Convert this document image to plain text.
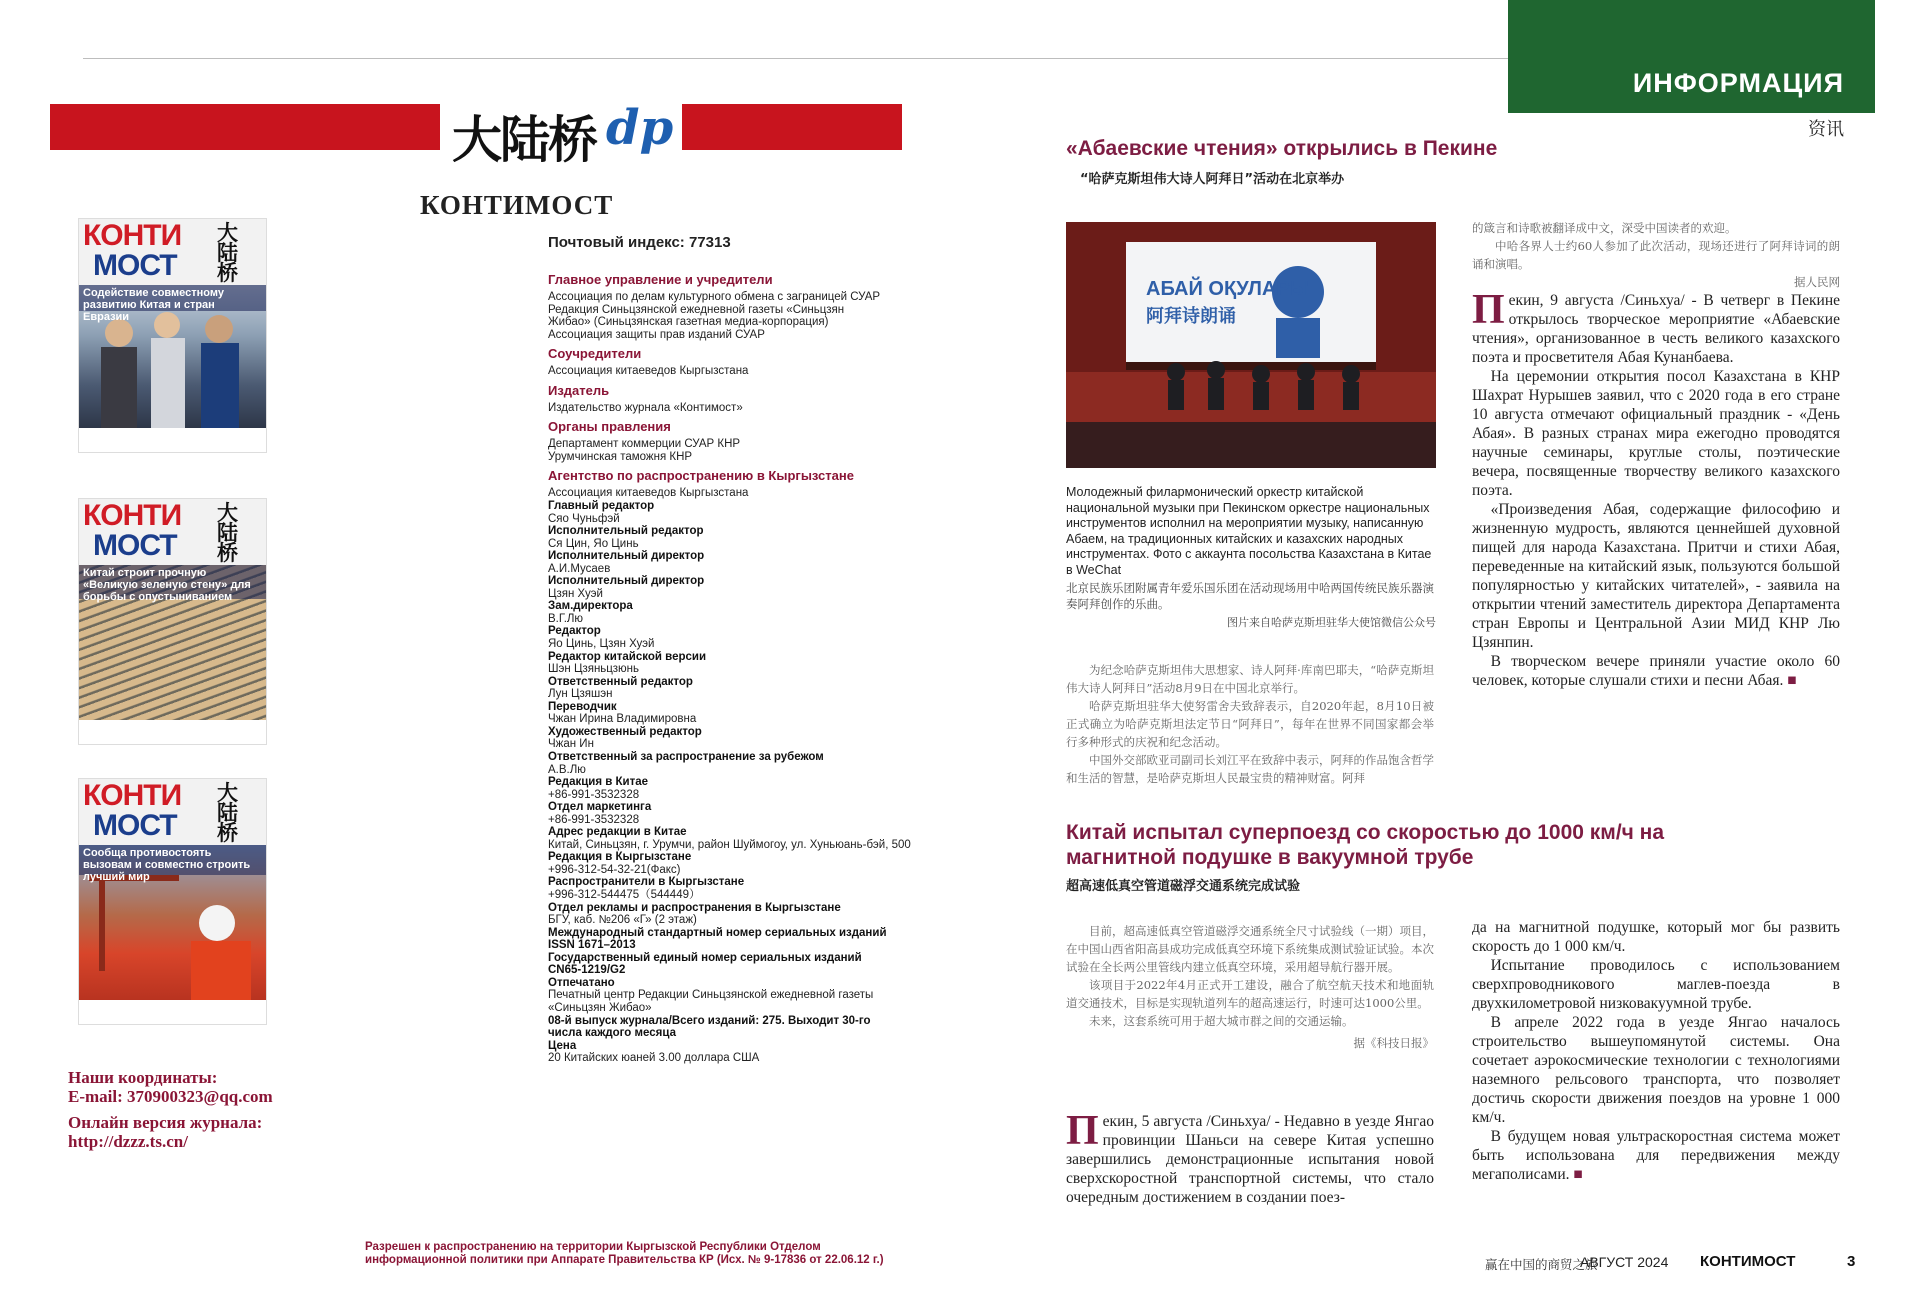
ИНФОРМАЦИЯ
资讯
大陆桥 dp
КОНТИМОСТ
КОНТИ
МОСТ
大陆桥
Содействие совместному развитию Китая и стран Евразии
КОНТИ
МОСТ
大陆桥
Китай строит прочную «Великую зеленую стену» для борьбы с опустыниванием
КОНТИ
МОСТ
大陆桥
Сообща противостоять вызовам и совместно строить лучший мир
Наши координаты:
E-mail: 370900323@qq.com
Онлайн версия журнала:
http://dzzz.ts.cn/
Почтовый индекс: 77313
Главное управление и учредители
Ассоциация по делам культурного обмена с заграницей СУАР
Редакция Синьцзянской ежедневной газеты «Синьцзян
Жибао» (Синьцзянская газетная медиа-корпорация)
Ассоциация защиты прав изданий СУАР
Соучредители
Ассоциация китаеведов Кыргызстана
Издатель
Издательство журнала «Контимост»
Органы правления
Департамент коммерции СУАР КНР
Урумчинская таможня КНР
Агентство по распространению в Кыргызстане
Ассоциация китаеведов Кыргызстана
Главный редактор
Сяо Чуньфэй
Исполнительный редактор
Ся Цин, Яо Цинь
Исполнительный директор
А.И.Мусаев
Исполнительный директор
Цзян Хуэй
Зам.директора
В.Г.Лю
Редактор
Яо Цинь, Цзян Хуэй
Редактор китайской версии
Шэн Цзяньцзюнь
Ответственный редактор
Лун Цзяшэн
Переводчик
Чжан Ирина Владимировна
Художественный редактор
Чжан Ин
Ответственный за распространение за рубежом
А.В.Лю
Редакция в Китае
+86-991-3532328
Отдел маркетинга
+86-991-3532328
Адрес редакции в Китае
Китай, Синьцзян, г. Урумчи, район Шуймогоу, ул. Хуньюань-бэй, 500
Редакция в Кыргызстане
+996-312-54-32-21(Факс)
Распространители в Кыргызстане
+996-312-544475（544449）
Отдел рекламы и распространения в Кыргызстане
БГУ, каб. №206 «Г» (2 этаж)
Международный стандартный номер сериальных изданий
ISSN 1671–2013
Государственный единый номер сериальных изданий
CN65-1219/G2
Отпечатано
Печатный центр Редакции Синьцзянской ежедневной газеты
«Синьцзян Жибао»
08-й выпуск журнала/Всего изданий: 275. Выходит 30-го
числа каждого месяца
Цена
20 Китайских юаней 3.00 доллара США
Разрешен к распространению на территории Кыргызской Республики Отделом информационной политики при Аппарате Правительства КР (Исх. № 9-17836 от 22.06.12 г.)
«Абаевские чтения» открылись в Пекине
“哈萨克斯坦伟大诗人阿拜日”活动在北京举办
АБАЙ ОҚУЛАРЫ
阿拜诗朗诵
Молодежный филармонический оркестр китайской национальной музыки при Пекинском оркестре национальных инструментов исполнил на мероприятии музыку, написанную Абаем, на традиционных китайских и казахских народных инструментах. Фото с аккаунта посольства Казахстана в Китае в WeChat
北京民族乐团附属青年爱乐国乐团在活动现场用中哈两国传统民族乐器演奏阿拜创作的乐曲。
图片来自哈萨克斯坦驻华大使馆微信公众号

为纪念哈萨克斯坦伟大思想家、诗人阿拜·库南巴耶夫，“哈萨克斯坦伟大诗人阿拜日”活动8月9日在中国北京举行。

哈萨克斯坦驻华大使努雷舍夫致辞表示，自2020年起，8月10日被正式确立为哈萨克斯坦法定节日“阿拜日”，每年在世界不同国家都会举行多种形式的庆祝和纪念活动。

中国外交部欧亚司副司长刘江平在致辞中表示，阿拜的作品饱含哲学和生活的智慧，是哈萨克斯坦人民最宝贵的精神财富。阿拜

的箴言和诗歌被翻译成中文，深受中国读者的欢迎。

中哈各界人士约60人参加了此次活动，现场还进行了阿拜诗词的朗诵和演唱。

据人民网

Пекин, 9 августа /Синьхуа/ - В четверг в Пекине открылось творческое мероприятие «Абаевские чтения», организованное в честь великого казахского поэта и просветителя Абая Кунанбаева.

На церемонии открытия посол Казахстана в КНР Шахрат Нурышев заявил, что с 2020 года в его стране 10 августа отмечают официальный праздник - «День Абая». В разных странах мира ежегодно проводятся научные семинары, круглые столы, поэтические вечера, посвященные творчеству великого казахского поэта.

«Произведения Абая, содержащие философию и жизненную мудрость, являются ценнейшей духовной пищей для народа Казахстана. Притчи и стихи Абая, переведенные на китайский язык, пользуются большой популярностью у китайских читателей», - заявила на открытии чтений заместитель директора Департамента стран Европы и Центральной Азии МИД КНР Лю Цзянпин.

В творческом вечере приняли участие около 60 человек, которые слушали стихи и песни Абая. ■

Китай испытал суперпоезд со скоростью до 1000 км/ч на
магнитной подушке в вакуумной трубе
超高速低真空管道磁浮交通系统完成试验

目前，超高速低真空管道磁浮交通系统全尺寸试验线（一期）项目，在中国山西省阳高县成功完成低真空环境下系统集成测试验证试验。本次试验在全长两公里管线内建立低真空环境，采用超导航行器开展。

该项目于2022年4月正式开工建设，融合了航空航天技术和地面轨道交通技术，目标是实现轨道列车的超高速运行，时速可达1000公里。

未来，这套系统可用于超大城市群之间的交通运输。

据《科技日报》

Пекин, 5 августа /Синьхуа/ - Недавно в уезде Янгао провинции Шаньси на севере Китая успешно завершились демонстрационные испытания новой сверхскоростной транспортной системы, что стало очередным достижением в создании поез-

да на магнитной подушке, который мог бы развить скорость до 1 000 км/ч.

Испытание проводилось с использованием сверхпроводникового маглев-поезда в двухкилометровой низковакуумной трубе.

В апреле 2022 года в уезде Янгао началось строительство вышеупомянутой системы. Она сочетает аэрокосмические технологии с технологиями наземного рельсового транспорта, что позволяет достичь скорости движения поездов на уровне 1 000 км/ч.

В будущем новая ультраскоростная система может быть использована для передвижения между мегаполисами. ■

赢在中国的商贸之旅
АВГУСТ 2024 КОНТИМОСТ	3
